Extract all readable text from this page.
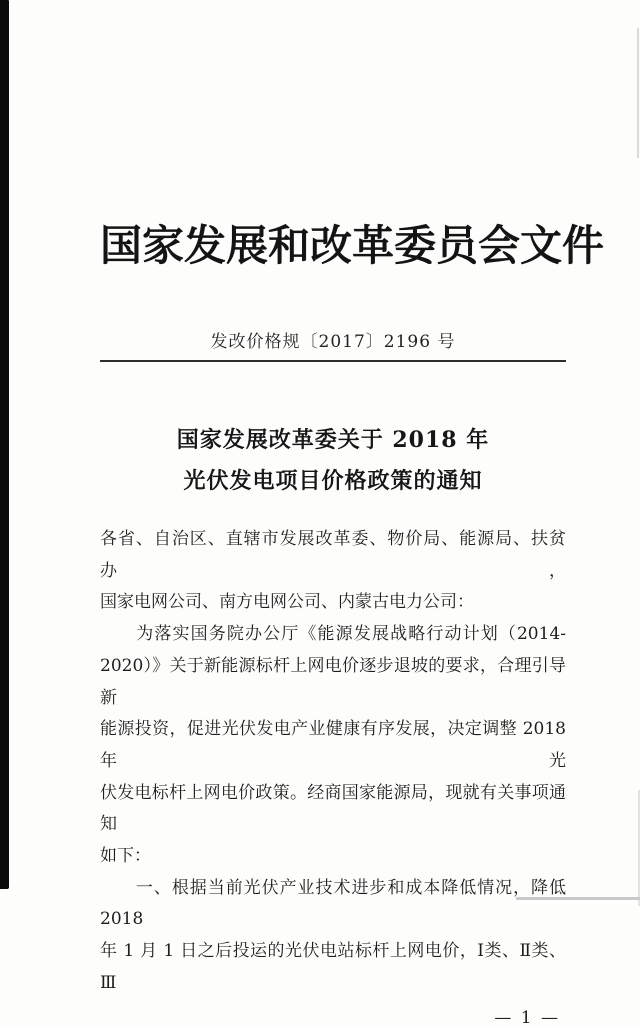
国家发展和改革委员会文件
发改价格规〔2017〕2196 号
国家发展改革委关于 2018 年
光伏发电项目价格政策的通知
各省、自治区、直辖市发展改革委、物价局、能源局、扶贫办，
国家电网公司、南方电网公司、内蒙古电力公司：
　　为落实国务院办公厅《能源发展战略行动计划（2014-
2020）》关于新能源标杆上网电价逐步退坡的要求，合理引导新
能源投资，促进光伏发电产业健康有序发展，决定调整 2018 年光
伏发电标杆上网电价政策。经商国家能源局，现就有关事项通知
如下：
　　一、根据当前光伏产业技术进步和成本降低情况，降低 2018
年 1 月 1 日之后投运的光伏电站标杆上网电价，Ⅰ类、Ⅱ类、Ⅲ
— 1 —
